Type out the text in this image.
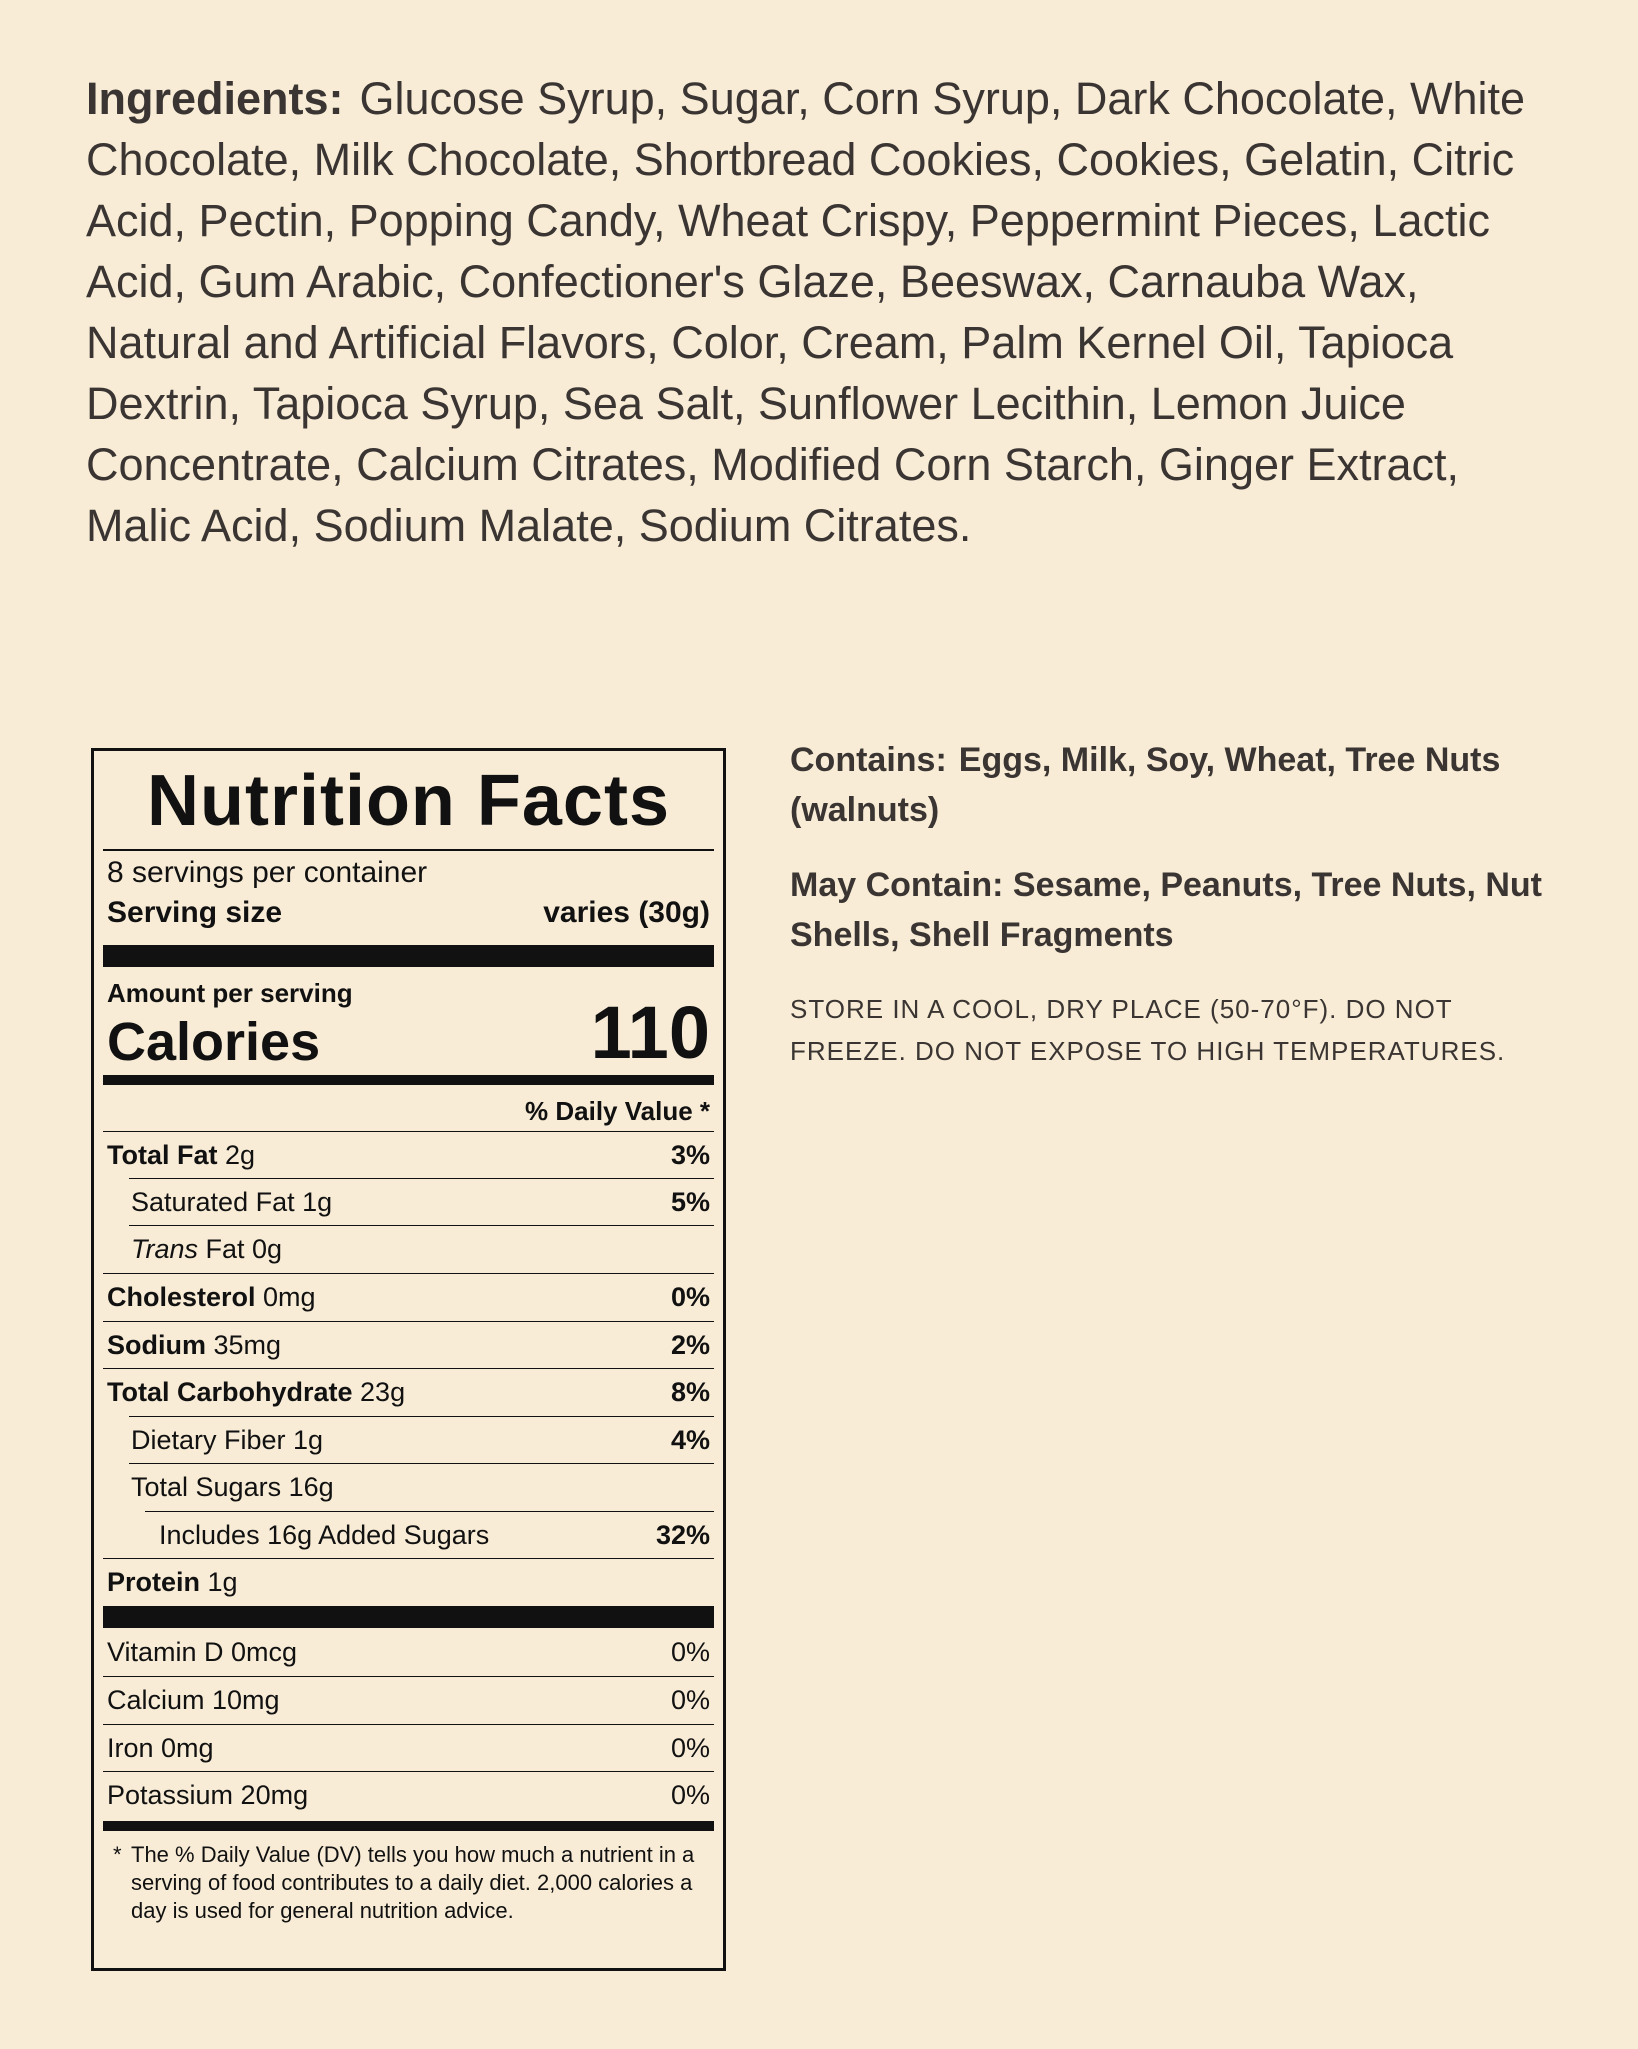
Ingredients: Glucose Syrup, Sugar, Corn Syrup, Dark Chocolate, White Chocolate, Milk Chocolate, Shortbread Cookies, Cookies, Gelatin, Citric Acid, Pectin, Popping Candy, Wheat Crispy, Peppermint Pieces, Lactic Acid, Gum Arabic, Confectioner's Glaze, Beeswax, Carnauba Wax, Natural and Artificial Flavors, Color, Cream, Palm Kernel Oil, Tapioca Dextrin, Tapioca Syrup, Sea Salt, Sunflower Lecithin, Lemon Juice Concentrate, Calcium Citrates, Modified Corn Starch, Ginger Extract, Malic Acid, Sodium Malate, Sodium Citrates.
Nutrition Facts
8 servings per container
Serving size	varies (30g)
Amount per serving
Calories	110
% Daily Value *
Total Fat 2g	3%
Saturated Fat 1g	5%
Trans Fat 0g
Cholesterol 0mg	0%
Sodium 35mg	2%
Total Carbohydrate 23g	8%
Dietary Fiber 1g	4%
Total Sugars 16g
Includes 16g Added Sugars	32%
Protein 1g
Vitamin D 0mcg	0%
Calcium 10mg	0%
Iron 0mg	0%
Potassium 20mg	0%
* The % Daily Value (DV) tells you how much a nutrient in a serving of food contributes to a daily diet. 2,000 calories a day is used for general nutrition advice.
Contains: Eggs, Milk, Soy, Wheat, Tree Nuts (walnuts)
May Contain: Sesame, Peanuts, Tree Nuts, Nut Shells, Shell Fragments
STORE IN A COOL, DRY PLACE (50-70°F). DO NOT FREEZE. DO NOT EXPOSE TO HIGH TEMPERATURES.
